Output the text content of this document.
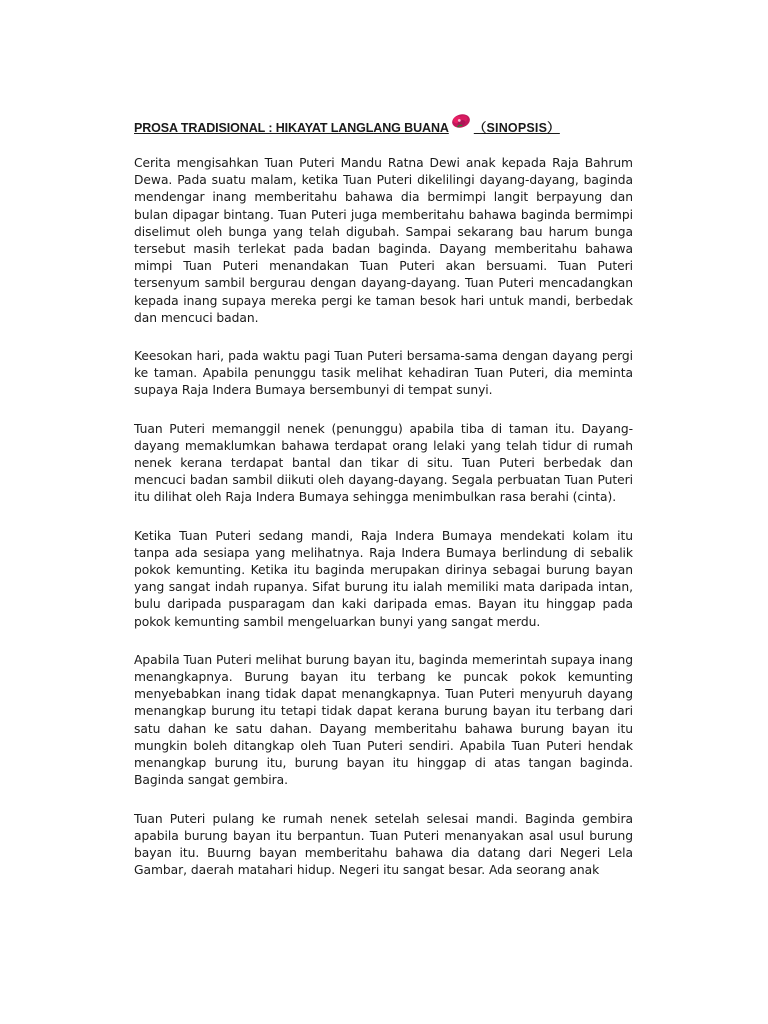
PROSA TRADISIONAL : HIKAYAT LANGLANG BUANA （SINOPSIS）

Cerita mengisahkan Tuan Puteri Mandu Ratna Dewi anak kepada Raja Bahrum Dewa. Pada suatu malam, ketika Tuan Puteri dikelilingi dayang-dayang, baginda mendengar inang memberitahu bahawa dia bermimpi langit berpayung dan bulan dipagar bintang. Tuan Puteri juga memberitahu bahawa baginda bermimpi diselimut oleh bunga yang telah digubah. Sampai sekarang bau harum bunga tersebut masih terlekat pada badan baginda. Dayang memberitahu bahawa mimpi Tuan Puteri menandakan Tuan Puteri akan bersuami. Tuan Puteri tersenyum sambil bergurau dengan dayang-dayang. Tuan Puteri mencadangkan kepada inang supaya mereka pergi ke taman besok hari untuk mandi, berbedak dan mencuci badan.

Keesokan hari, pada waktu pagi Tuan Puteri bersama-sama dengan dayang pergi ke taman. Apabila penunggu tasik melihat kehadiran Tuan Puteri, dia meminta supaya Raja Indera Bumaya bersembunyi di tempat sunyi.

Tuan Puteri memanggil nenek (penunggu) apabila tiba di taman itu. Dayang-dayang memaklumkan bahawa terdapat orang lelaki yang telah tidur di rumah nenek kerana terdapat bantal dan tikar di situ. Tuan Puteri berbedak dan mencuci badan sambil diikuti oleh dayang-dayang. Segala perbuatan Tuan Puteri itu dilihat oleh Raja Indera Bumaya sehingga menimbulkan rasa berahi (cinta).

Ketika Tuan Puteri sedang mandi, Raja Indera Bumaya mendekati kolam itu tanpa ada sesiapa yang melihatnya. Raja Indera Bumaya berlindung di sebalik pokok kemunting. Ketika itu baginda merupakan dirinya sebagai burung bayan yang sangat indah rupanya. Sifat burung itu ialah memiliki mata daripada intan, bulu daripada pusparagam dan kaki daripada emas. Bayan itu hinggap pada pokok kemunting sambil mengeluarkan bunyi yang sangat merdu.

Apabila Tuan Puteri melihat burung bayan itu, baginda memerintah supaya inang menangkapnya. Burung bayan itu terbang ke puncak pokok kemunting menyebabkan inang tidak dapat menangkapnya. Tuan Puteri menyuruh dayang menangkap burung itu tetapi tidak dapat kerana burung bayan itu terbang dari satu dahan ke satu dahan. Dayang memberitahu bahawa burung bayan itu mungkin boleh ditangkap oleh Tuan Puteri sendiri. Apabila Tuan Puteri hendak menangkap burung itu, burung bayan itu hinggap di atas tangan baginda. Baginda sangat gembira.

Tuan Puteri pulang ke rumah nenek setelah selesai mandi. Baginda gembira apabila burung bayan itu berpantun. Tuan Puteri menanyakan asal usul burung bayan itu. Buurng bayan memberitahu bahawa dia datang dari Negeri Lela Gambar, daerah matahari hidup. Negeri itu sangat besar. Ada seorang anak
